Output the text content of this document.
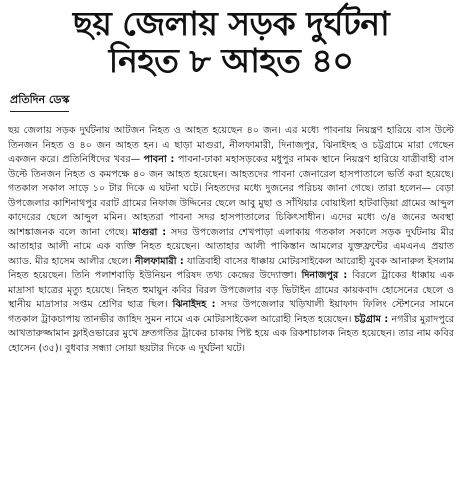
ছয় জেলায় সড়ক দুর্ঘটনা
নিহত ৮ আহত ৪০
প্রতিদিন ডেস্ক

ছয় জেলায় সড়ক দুর্ঘটনায় আটজন নিহত ও আহত হয়েছেন ৪০ জন। এর মধ্যে পাবনায় নিয়ন্ত্রণ হারিয়ে বাস উল্টে তিনজন নিহত ও ৪০ জন আহত হন। এ ছাড়া মাগুরা, নীলফামারী, দিনাজপুর, ঝিনাইদহ ও চট্টগ্রামে মারা গেছেন একজন করে। প্রতিনিধিদের খবর— পাবনা : পাবনা-ঢাকা মহাসড়কের মধুপুর নামক স্থানে নিয়ন্ত্রণ হারিয়ে যাত্রীবাহী বাস উল্টে তিনজন নিহত ও কমপক্ষে ৪০ জন আহত হয়েছেন। আহতদের পাবনা জেনারেল হাসপাতালে ভর্তি করা হয়েছে। গতকাল সকাল সাড়ে ১০ টার দিকে এ ঘটনা ঘটে। নিহতদের মধ্যে দুজনের পরিচয় জানা গেছে। তারা হলেন— বেড়া উপজেলার কাশিনাথপুর বরাট গ্রামের নিফাজ উদ্দিনের ছেলে আবু মুছা ও সাঁথিয়ার বোয়াইলা হাটবাড়িয়া গ্রামের আব্দুল কাদেরের ছেলে আব্দুল মমিন। আহতরা পাবনা সদর হাসপাতালের চিকিৎসাধীন। এদের মধ্যে ৩/৪ জনের অবস্থা আশঙ্কাজনক বলে জানা গেছে। মাগুরা : সদর উপজেলার শেখপাড়া এলাকায় গতকাল সকালে সড়ক দুর্ঘটনায় মীর আতাহার আলী নামে এক ব্যক্তি নিহত হয়েছেন। আতাহার আলী পাকিস্তান আমলের যুক্তফ্রন্টের এমএনএ প্রয়াত অ্যাড. মীর হাসেম আলীর ছেলে। নীলফামারী : যাত্রিবাহী বাসের ধাক্কায় মোটরসাইকেল আরোহী যুবক আনারুল ইসলাম নিহত হয়েছেন। তিনি পলাশবাড়ি ইউনিয়ন পরিষদ তথ্য কেন্দ্রের উদ্যোক্তা। দিনাজপুর : বিরলে ট্রাকের ধাক্কায় এক মাদ্রাসা ছাত্রের মৃত্যু হয়েছে। নিহত হুমায়ুন কবির বিরল উপজেলার বড় ভিটাইন গ্রামের কায়কবাদ হোসেনের ছেলে ও স্থানীয় মাদ্রাসার সপ্তম শ্রেণির ছাত্র ছিল। ঝিনাইদহ : সদর উপজেলার খড়িখালী ইয়াফাদ ফিলিং স্টেশনের সামনে গতকাল ট্রাকচাপায় তানভীর জাহিদ সুমন নামে এক মোটরসাইকেল আরোহী নিহত হয়েছেন। চট্টগ্রাম : নগরীর মুরাদপুরে আখতারুজ্জামান ফ্লাইওভারের মুখে দ্রুতগতির ট্রাকের চাকায় পিষ্ট হয়ে এক রিকশাচালক নিহত হয়েছেন। তার নাম কবির হোসেন (৩৫)। বুধবার সন্ধ্যা সোয়া ছয়টার দিকে এ দুর্ঘটনা ঘটে।
